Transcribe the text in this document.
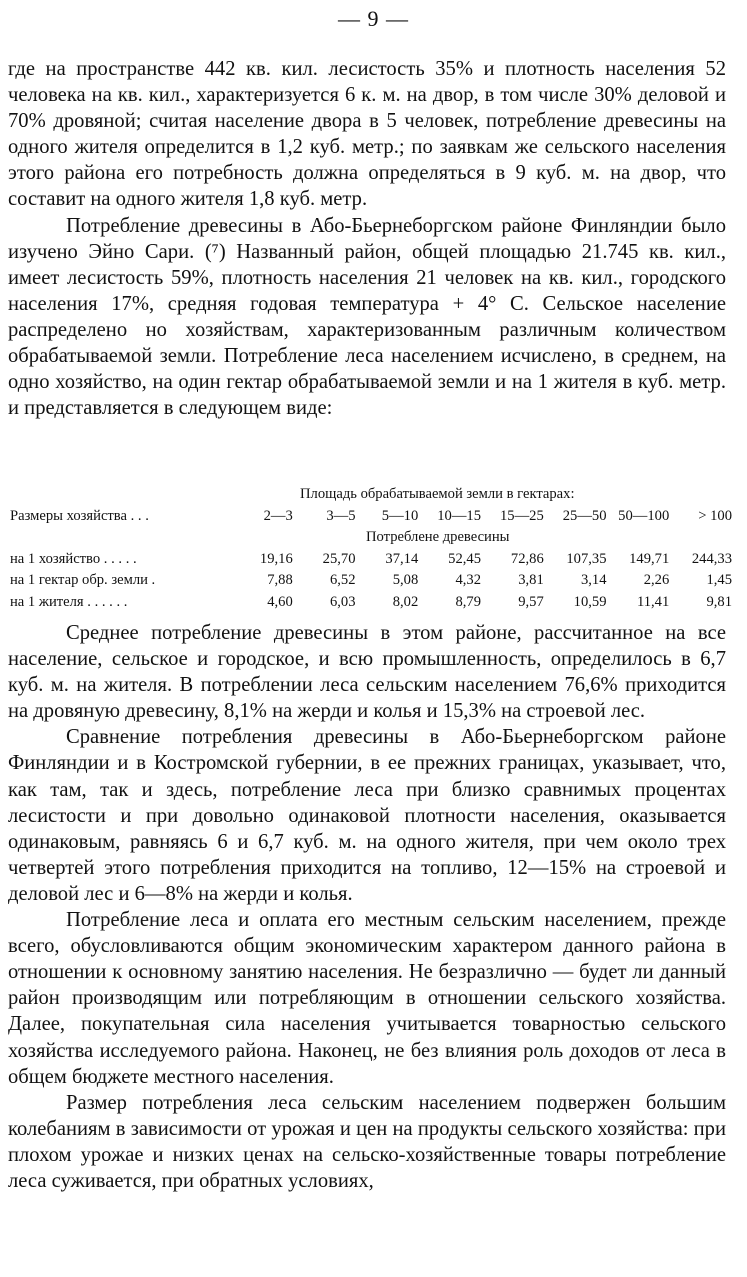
— 9 —

где на пространстве 442 кв. кил. лесистость 35% и плотность населения 52 человека на кв. кил., характеризуется 6 к. м. на двор, в том числе 30% деловой и 70% дровяной; считая население двора в 5 человек, потребление древесины на одного жителя определится в 1,2 куб. метр.; по заявкам же сельского населения этого района его потребность должна определяться в 9 куб. м. на двор, что составит на одного жителя 1,8 куб. метр.

Потребление древесины в Або-Бьернеборгском районе Финляндии было изучено Эйно Сари. (⁷) Названный район, общей площадью 21.745 кв. кил., имеет лесистость 59%, плотность населения 21 человек на кв. кил., городского населения 17%, средняя годовая температура + 4° С. Сельское население распределено но хозяйствам, характеризованным различным количеством обрабатываемой земли. Потребление леса населением исчислено, в среднем, на одно хозяйство, на один гектар обрабатываемой земли и на 1 жителя в куб. метр. и представляется в следующем виде:

Площадь обрабатываемой земли в гектарах:
Размеры хозяйства . . .	2—3	3—5	5—10	10—15	15—25	25—50 50—100	> 100
Потреблене древесины
на 1 хозяйство . . . . .	19,16	25,70	37,14	52,45	72,86	107,35	149,71	244,33
на 1 гектар обр. земли .	7,88	6,52	5,08	4,32	3,81	3,14	2,26	1,45
на 1 жителя . . . . . .	4,60	6,03	8,02	8,79	9,57	10,59	11,41	9,81

Среднее потребление древесины в этом районе, рассчитанное на все население, сельское и городское, и всю промышленность, определилось в 6,7 куб. м. на жителя. В потреблении леса сельским населением 76,6% приходится на дровяную древесину, 8,1% на жерди и колья и 15,3% на строевой лес.

Сравнение потребления древесины в Або-Бьернеборгском районе Финляндии и в Костромской губернии, в ее прежних границах, указывает, что, как там, так и здесь, потребление леса при близко сравнимых процентах лесистости и при довольно одинаковой плотности населения, оказывается одинаковым, равняясь 6 и 6,7 куб. м. на одного жителя, при чем около трех четвертей этого потребления приходится на топливо, 12—15% на строевой и деловой лес и 6—8% на жерди и колья.

Потребление леса и оплата его местным сельским населением, прежде всего, обусловливаются общим экономическим характером данного района в отношении к основному занятию населения. Не безразлично — будет ли данный район производящим или потребляющим в отношении сельского хозяйства. Далее, покупательная сила населения учитывается товарностью сельского хозяйства исследуемого района. Наконец, не без влияния роль доходов от леса в общем бюджете местного населения.

Размер потребления леса сельским населением подвержен большим колебаниям в зависимости от урожая и цен на продукты сельского хозяйства: при плохом урожае и низких ценах на сельско-хозяйственные товары потребление леса суживается, при обратных условиях,
